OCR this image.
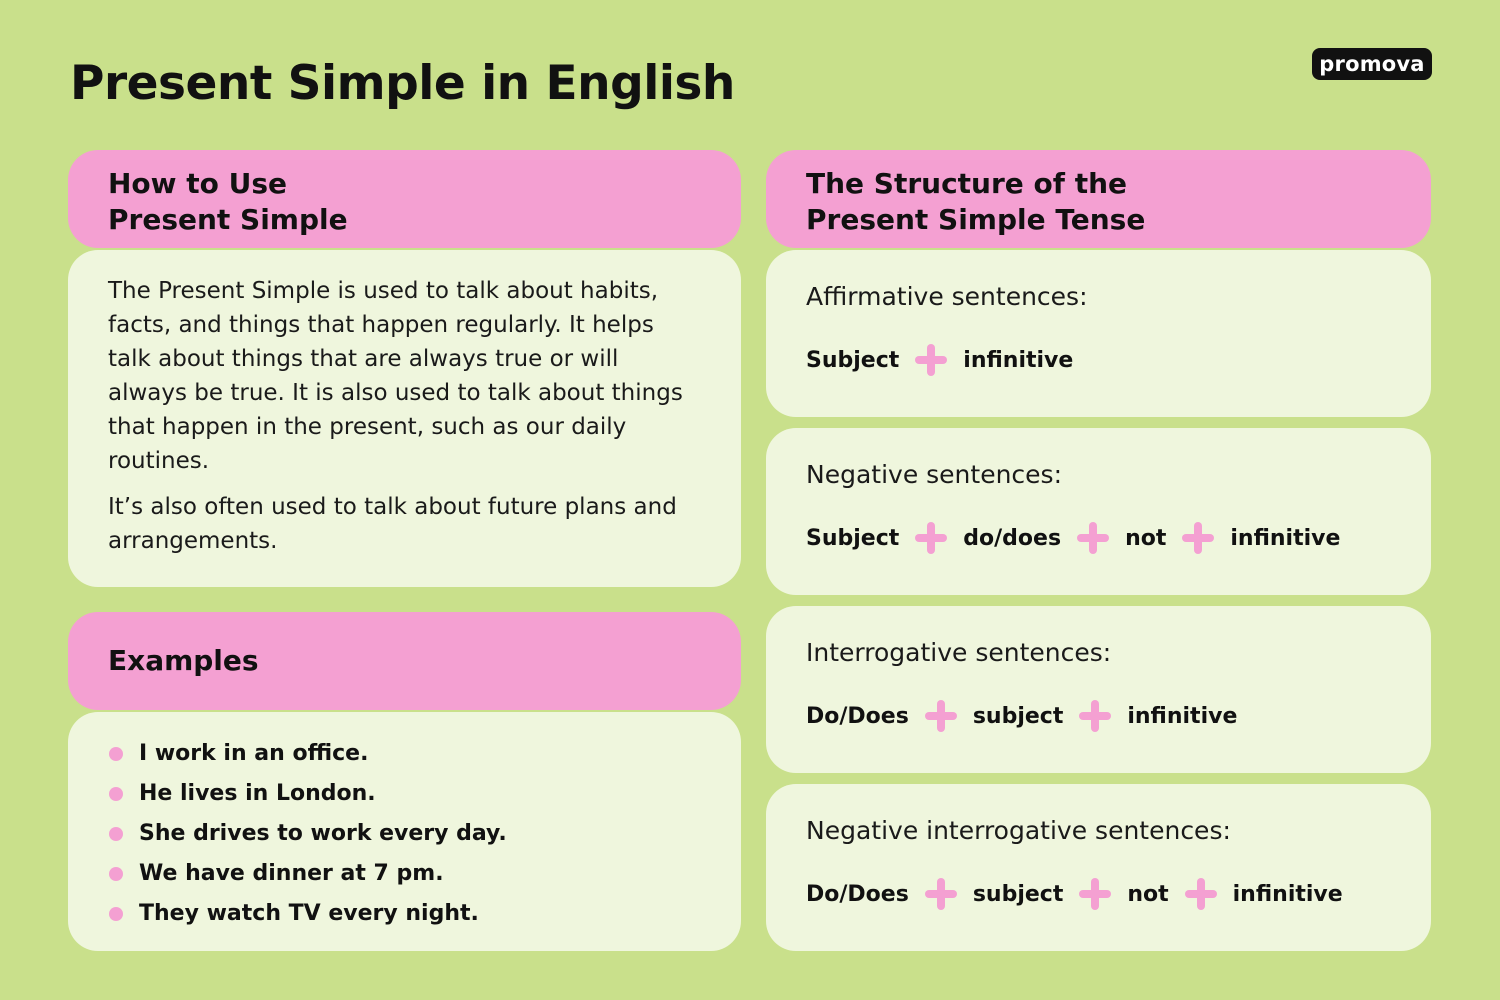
Present Simple in English	promova
How to Use
Present Simple

The Present Simple is used to talk about habits, facts, and things that happen regularly. It helps talk about things that are always true or will always be true. It is also used to talk about things that happen in the present, such as our daily routines.

It’s also often used to talk about future plans and arrangements.

Examples
I work in an office.
He lives in London.
She drives to work every day.
We have dinner at 7 pm.
They watch TV every night.
The Structure of the
Present Simple Tense
Affirmative sentences:
Subject	infinitive
Negative sentences:
Subject	do/does	not	infinitive
Interrogative sentences:
Do/Does	subject	infinitive
Negative interrogative sentences:
Do/Does	subject	not	infinitive
